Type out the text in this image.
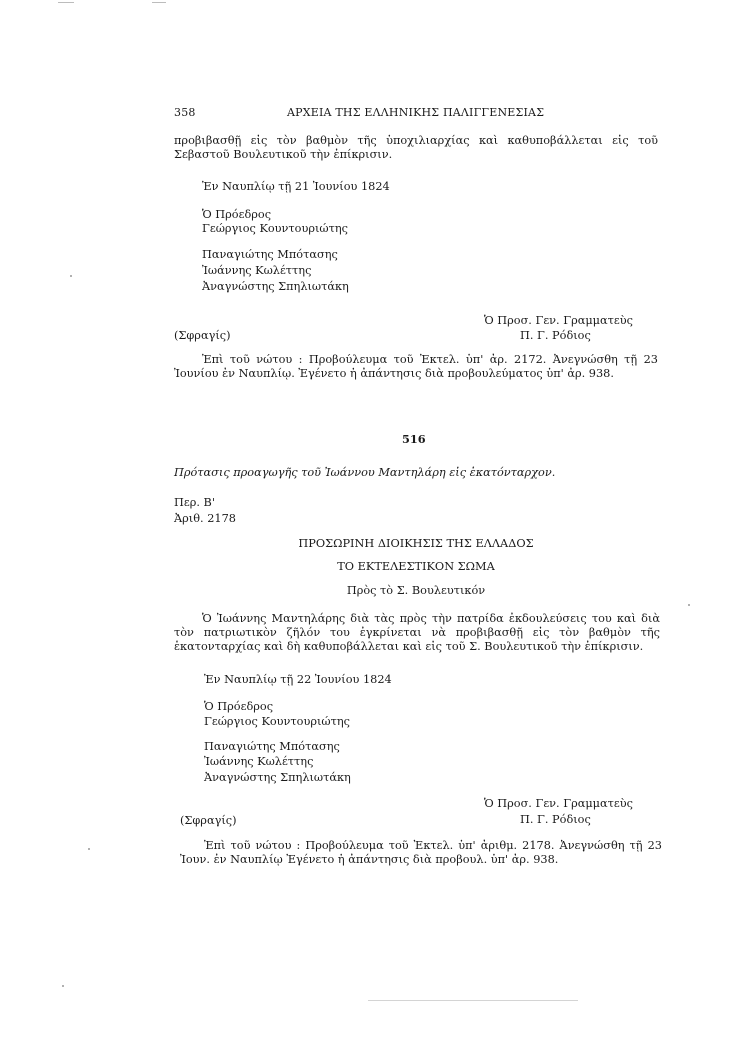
358	ΑΡΧΕΙΑ ΤΗΣ ΕΛΛΗΝΙΚΗΣ ΠΑΛΙΓΓΕΝΕΣΙΑΣ
προβιβασθῇ εἰς τὸν βαθμὸν τῆς ὑποχιλιαρχίας καὶ καθυποβάλλεται εἰς τοῦ Σεβαστοῦ Βουλευτικοῦ τὴν ἐπίκρισιν.
Ἐν Ναυπλίῳ τῇ 21 Ἰουνίου 1824
Ὁ Πρόεδρος
Γεώργιος Κουντουριώτης
Παναγιώτης Μπότασης
Ἰωάννης Κωλέττης
Ἀναγνώστης Σπηλιωτάκη
Ὁ Προσ. Γεν. Γραμματεὺς
(Σφραγίς)	Π. Γ. Ρόδιος
Ἐπὶ τοῦ νώτου : Προβούλευμα τοῦ Ἐκτελ. ὑπ' ἀρ. 2172. Ἀνεγνώσθη τῇ 23 Ἰουνίου ἐν Ναυπλίῳ. Ἐγένετο ἡ ἀπάντησις διὰ προβουλεύματος ὑπ' ἀρ. 938.
516
Πρότασις προαγωγῆς τοῦ Ἰωάννου Μαντηλάρη εἰς ἑκατόνταρχον.
Περ. Β'
Ἀριθ. 2178
ΠΡΟΣΩΡΙΝΗ ΔΙΟΙΚΗΣΙΣ ΤΗΣ ΕΛΛΑΔΟΣ
ΤΟ ΕΚΤΕΛΕΣΤΙΚΟΝ ΣΩΜΑ
Πρὸς τὸ Σ. Βουλευτικόν
Ὁ Ἰωάννης Μαντηλάρης διὰ τὰς πρὸς τὴν πατρίδα ἐκδουλεύσεις του καὶ διὰ τὸν πατριωτικὸν ζῆλόν του ἐγκρίνεται νὰ προβιβασθῇ εἰς τὸν βαθμὸν τῆς ἑκατονταρχίας καὶ δὴ καθυποβάλλεται καὶ εἰς τοῦ Σ. Βουλευτικοῦ τὴν ἐπίκρισιν.
Ἐν Ναυπλίῳ τῇ 22 Ἰουνίου 1824
Ὁ Πρόεδρος
Γεώργιος Κουντουριώτης
Παναγιώτης Μπότασης
Ἰωάννης Κωλέττης
Ἀναγνώστης Σπηλιωτάκη
Ὁ Προσ. Γεν. Γραμματεὺς
(Σφραγίς)	Π. Γ. Ρόδιος
Ἐπὶ τοῦ νώτου : Προβούλευμα τοῦ Ἐκτελ. ὑπ' ἀριθμ. 2178. Ἀνεγνώσθη τῇ 23 Ἰουν. ἐν Ναυπλίῳ Ἐγένετο ἡ ἀπάντησις διὰ προβουλ. ὑπ' ἀρ. 938.
